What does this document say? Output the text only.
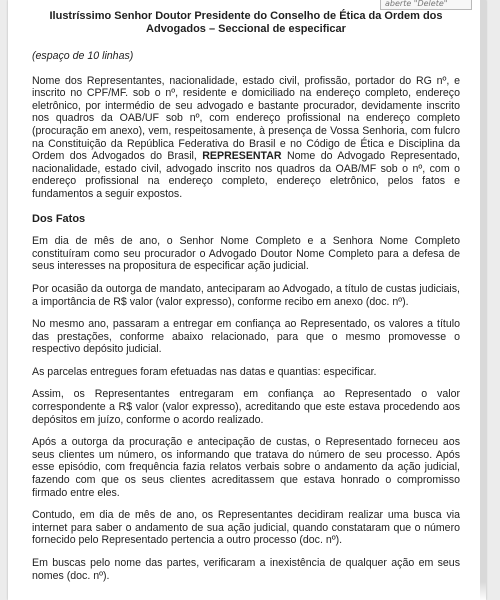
aberte "Delete"
Ilustríssimo Senhor Doutor Presidente do Conselho de Ética da Ordem dos Advogados – Seccional de especificar
(espaço de 10 linhas)

Nome dos Representantes, nacionalidade, estado civil, profissão, portador do RG nº, e inscrito no CPF/MF. sob o nº, residente e domiciliado na endereço completo, endereço eletrônico, por intermédio de seu advogado e bastante procurador, devidamente inscrito nos quadros da OAB/UF sob nº, com endereço profissional na endereço completo (procuração em anexo), vem, respeitosamente, à presença de Vossa Senhoria, com fulcro na Constituição da República Federativa do Brasil e no Código de Ética e Disciplina da Ordem dos Advogados do Brasil, REPRESENTAR Nome do Advogado Representado, nacionalidade, estado civil, advogado inscrito nos quadros da OAB/MF sob o nº, com o endereço profissional na endereço completo, endereço eletrônico, pelos fatos e fundamentos a seguir expostos.

Dos Fatos

Em dia de mês de ano, o Senhor Nome Completo e a Senhora Nome Completo constituíram como seu procurador o Advogado Doutor Nome Completo para a defesa de seus interesses na propositura de especificar ação judicial.

Por ocasião da outorga de mandato, anteciparam ao Advogado, a título de custas judiciais, a importância de R$ valor (valor expresso), conforme recibo em anexo (doc. nº).

No mesmo ano, passaram a entregar em confiança ao Representado, os valores a título das prestações, conforme abaixo relacionado, para que o mesmo promovesse o respectivo depósito judicial.

As parcelas entregues foram efetuadas nas datas e quantias: especificar.

Assim, os Representantes entregaram em confiança ao Representado o valor correspondente a R$ valor (valor expresso), acreditando que este estava procedendo aos depósitos em juízo, conforme o acordo realizado.

Após a outorga da procuração e antecipação de custas, o Representado forneceu aos seus clientes um número, os informando que tratava do número de seu processo. Após esse episódio, com frequência fazia relatos verbais sobre o andamento da ação judicial, fazendo com que os seus clientes acreditassem que estava honrado o compromisso firmado entre eles.

Contudo, em dia de mês de ano, os Representantes decidiram realizar uma busca via internet para saber o andamento de sua ação judicial, quando constataram que o número fornecido pelo Representado pertencia a outro processo (doc. nº).

Em buscas pelo nome das partes, verificaram a inexistência de qualquer ação em seus nomes (doc. nº).
